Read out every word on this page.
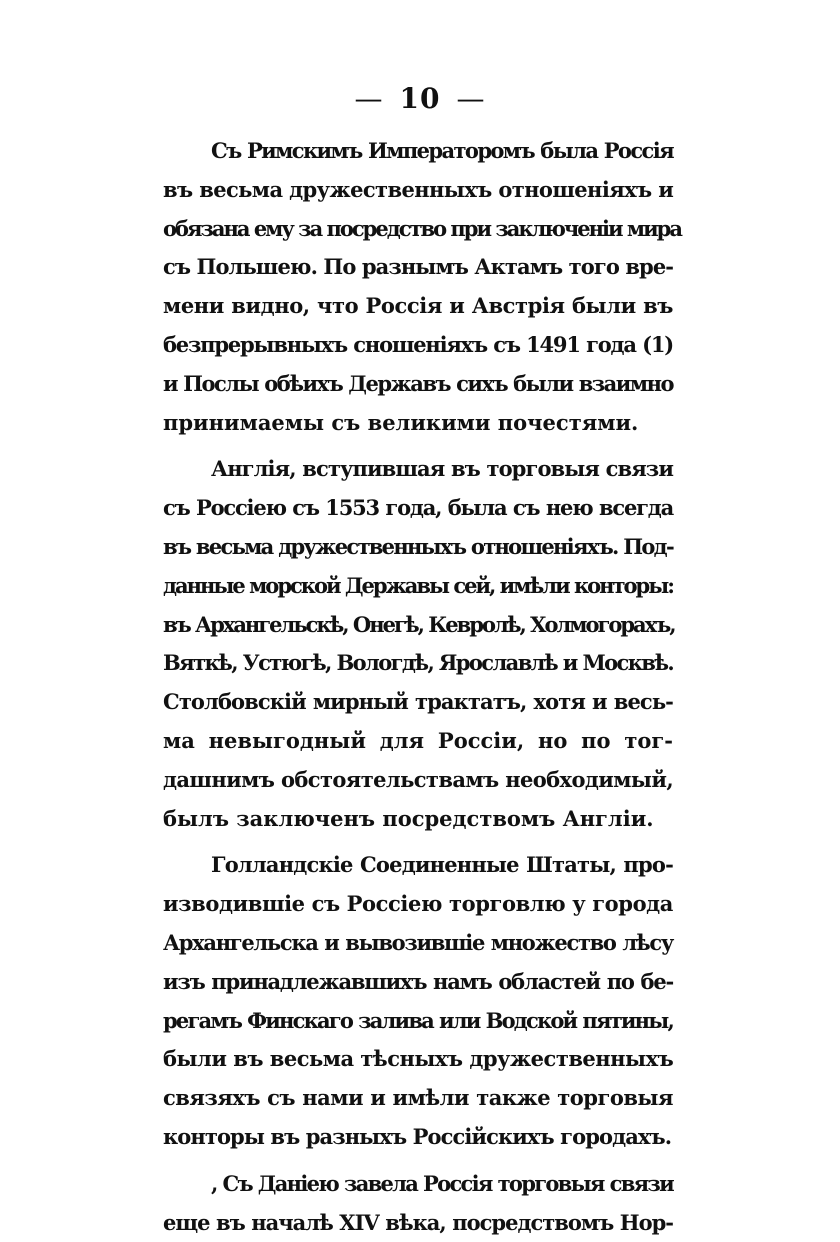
— 10 —
Съ Римскимъ Императоромъ была Россія
въ весьма дружественныхъ отношеніяхъ и
обязана ему за посредство при заключеніи мира
съ Польшею. По разнымъ Актамъ того вре-
мени видно, что Россія и Австрія были въ
безпрерывныхъ сношеніяхъ съ 1491 года (1)
и Послы обѣихъ Державъ сихъ были взаимно
принимаемы съ великими почестями.
Англія, вступившая въ торговыя связи
съ Россіею съ 1553 года, была съ нею всегда
въ весьма дружественныхъ отношеніяхъ. Под-
данные морской Державы сей, имѣли конторы:
въ Архангельскѣ, Онегѣ, Кевролѣ, Холмогорахъ,
Вяткѣ, Устюгѣ, Вологдѣ, Ярославлѣ и Москвѣ.
Столбовскій мирный трактатъ, хотя и весь-
ма невыгодный для Россіи, но по тог-
дашнимъ обстоятельствамъ необходимый,
былъ заключенъ посредствомъ Англіи.
Голландскіе Соединенные Штаты, про-
изводившіе съ Россіею торговлю у города
Архангельска и вывозившіе множество лѣсу
изъ принадлежавшихъ намъ областей по бе-
регамъ Финскаго залива или Водской пятины,
были въ весьма тѣсныхъ дружественныхъ
связяхъ съ нами и имѣли также торговыя
конторы въ разныхъ Россійскихъ городахъ.
, Съ Даніею завела Россія торговыя связи
еще въ началѣ XIV вѣка, посредствомъ Нор-
